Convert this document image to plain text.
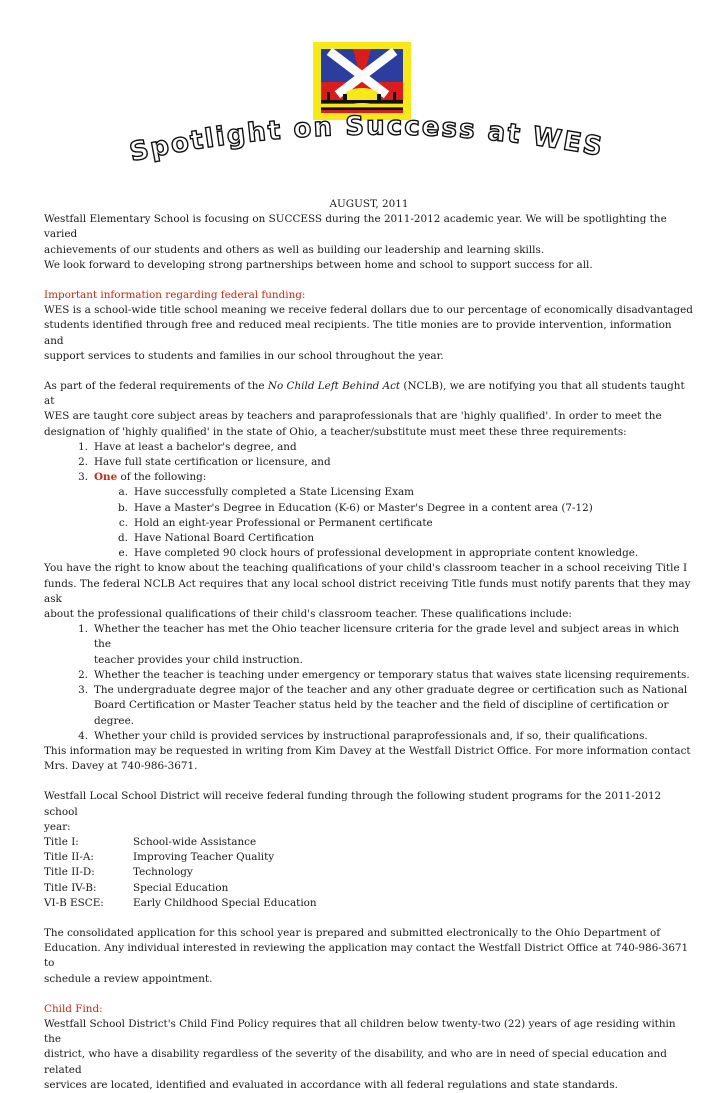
Spotlight on Success at WES

AUGUST, 2011

Westfall Elementary School is focusing on SUCCESS during the 2011-2012 academic year. We will be spotlighting the varied

achievements of our students and others as well as building our leadership and learning skills.

We look forward to developing strong partnerships between home and school to support success for all.

Important information regarding federal funding:

WES is a school-wide title school meaning we receive federal dollars due to our percentage of economically disadvantaged

students identified through free and reduced meal recipients. The title monies are to provide intervention, information and

support services to students and families in our school throughout the year.

As part of the federal requirements of the No Child Left Behind Act (NCLB), we are notifying you that all students taught at

WES are taught core subject areas by teachers and paraprofessionals that are 'highly qualified'. In order to meet the

designation of 'highly qualified' in the state of Ohio, a teacher/substitute must meet these three requirements:

1. Have at least a bachelor's degree, and
2. Have full state certification or licensure, and
3. One of the following:
a. Have successfully completed a State Licensing Exam
b. Have a Master's Degree in Education (K-6) or Master's Degree in a content area (7-12)
c. Hold an eight-year Professional or Permanent certificate
d. Have National Board Certification
e. Have completed 90 clock hours of professional development in appropriate content knowledge.

You have the right to know about the teaching qualifications of your child's classroom teacher in a school receiving Title I

funds. The federal NCLB Act requires that any local school district receiving Title funds must notify parents that they may ask

about the professional qualifications of their child's classroom teacher. These qualifications include:

1. Whether the teacher has met the Ohio teacher licensure criteria for the grade level and subject areas in which the
teacher provides your child instruction.
2. Whether the teacher is teaching under emergency or temporary status that waives state licensing requirements.
3. The undergraduate degree major of the teacher and any other graduate degree or certification such as National
Board Certification or Master Teacher status held by the teacher and the field of discipline of certification or
degree.
4. Whether your child is provided services by instructional paraprofessionals and, if so, their qualifications.

This information may be requested in writing from Kim Davey at the Westfall District Office. For more information contact

Mrs. Davey at 740-986-3671.

Westfall Local School District will receive federal funding through the following student programs for the 2011-2012 school

year:

Title I:	School-wide Assistance
Title II-A:	Improving Teacher Quality
Title II-D:	Technology
Title IV-B:	Special Education
VI-B ESCE:	Early Childhood Special Education

The consolidated application for this school year is prepared and submitted electronically to the Ohio Department of

Education. Any individual interested in reviewing the application may contact the Westfall District Office at 740-986-3671 to

schedule a review appointment.

Child Find:

Westfall School District's Child Find Policy requires that all children below twenty-two (22) years of age residing within the

district, who have a disability regardless of the severity of the disability, and who are in need of special education and related

services are located, identified and evaluated in accordance with all federal regulations and state standards.
